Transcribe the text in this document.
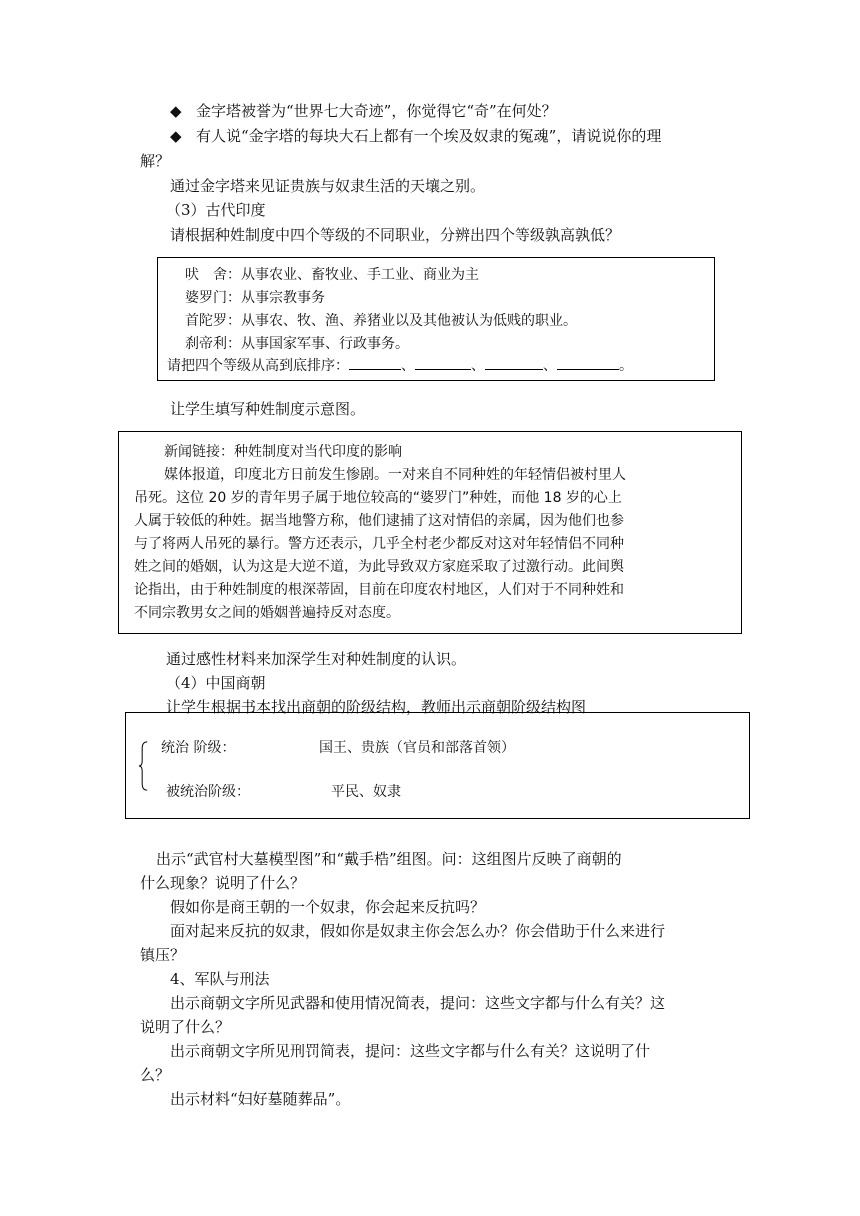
◆ 金字塔被誉为“世界七大奇迹”，你觉得它“奇”在何处？
◆ 有人说“金字塔的每块大石上都有一个埃及奴隶的冤魂”，请说说你的理
解？
通过金字塔来见证贵族与奴隶生活的天壤之别。
（3）古代印度
请根据种姓制度中四个等级的不同职业，分辨出四个等级孰高孰低？
吠　舍：从事农业、畜牧业、手工业、商业为主
婆罗门：从事宗教事务
首陀罗：从事农、牧、渔、养猪业以及其他被认为低贱的职业。
刹帝利：从事国家军事、行政事务。
请把四个等级从高到底排序：	、	、	、	。
让学生填写种姓制度示意图。
新闻链接：种姓制度对当代印度的影响
媒体报道，印度北方日前发生惨剧。一对来自不同种姓的年轻情侣被村里人
吊死。这位 20 岁的青年男子属于地位较高的“婆罗门”种姓，而他 18 岁的心上
人属于较低的种姓。据当地警方称，他们逮捕了这对情侣的亲属，因为他们也参
与了将两人吊死的暴行。警方还表示，几乎全村老少都反对这对年轻情侣不同种
姓之间的婚姻，认为这是大逆不道，为此导致双方家庭采取了过激行动。此间舆
论指出，由于种姓制度的根深蒂固，目前在印度农村地区，人们对于不同种姓和
不同宗教男女之间的婚姻普遍持反对态度。
通过感性材料来加深学生对种姓制度的认识。
（4）中国商朝
让学生根据书本找出商朝的阶级结构，教师出示商朝阶级结构图
统治 阶级：	国王、贵族（官员和部落首领）
被统治阶级：	平民、奴隶
出示“武官村大墓模型图”和“戴手梏”组图。问：这组图片反映了商朝的
什么现象？说明了什么？
假如你是商王朝的一个奴隶，你会起来反抗吗？
面对起来反抗的奴隶，假如你是奴隶主你会怎么办？你会借助于什么来进行
镇压？
4、军队与刑法
出示商朝文字所见武器和使用情况简表，提问：这些文字都与什么有关？这
说明了什么？
出示商朝文字所见刑罚简表，提问：这些文字都与什么有关？这说明了什
么？
出示材料“妇好墓随葬品”。
